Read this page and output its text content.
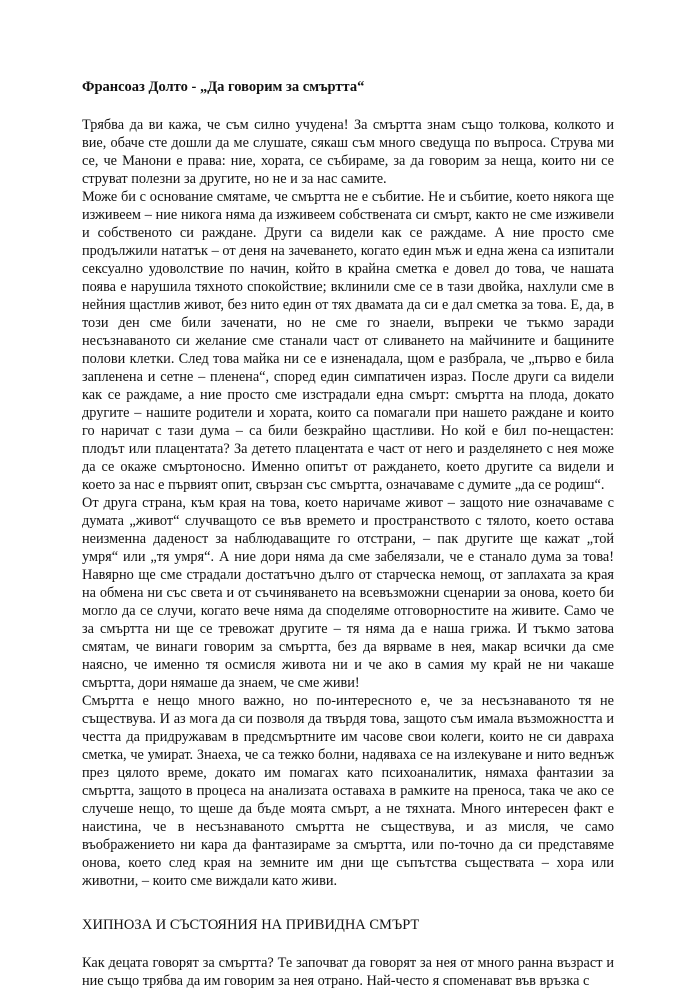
Франсоаз Долто - „Да говорим за смъртта“

Трябва да ви кажа, че съм силно учудена! За смъртта знам също толкова, колкото и вие, обаче сте дошли да ме слушате, сякаш съм много сведуща по въпроса. Струва ми се, че Манони е права: ние, хората, се събираме, за да говорим за неща, които ни се струват полезни за другите, но не и за нас самите.

Може би с основание смятаме, че смъртта не е събитие. Не и събитие, което някога ще изживеем – ние никога няма да изживеем собствената си смърт, както не сме изживели и собственото си раждане. Други са видели как се раждаме. А ние просто сме продължили нататък – от деня на зачеването, когато един мъж и една жена са изпитали сексуално удоволствие по начин, който в крайна сметка е довел до това, че нашата поява е нарушила тяхното спокойствие; вклинили сме се в тази двойка, нахлули сме в нейния щастлив живот, без нито един от тях двамата да си е дал сметка за това. Е, да, в този ден сме били заченати, но не сме го знаели, въпреки че тъкмо заради несъзнаваното си желание сме станали част от сливането на майчините и бащините полови клетки. След това майка ни се е изненадала, щом е разбрала, че „първо е била запленена и сетне – пленена“, според един симпатичен израз. После други са видели как се раждаме, а ние просто сме изстрадали една смърт: смъртта на плода, докато другите – нашите родители и хората, които са помагали при нашето раждане и които го наричат с тази дума – са били безкрайно щастливи. Но кой е бил по-нещастен: плодът или плацентата? За детето плацентата е част от него и разделянето с нея може да се окаже смъртоносно. Именно опитът от раждането, което другите са видели и което за нас е първият опит, свързан със смъртта, означаваме с думите „да се родиш“.

От друга страна, към края на това, което наричаме живот – защото ние означаваме с думата „живот“ случващото се във времето и пространството с тялото, което остава неизменна даденост за наблюдаващите го отстрани, – пак другите ще кажат „той умря“ или „тя умря“. А ние дори няма да сме забелязали, че е станало дума за това! Навярно ще сме страдали достатъчно дълго от старческа немощ, от заплахата за края на обмена ни със света и от съчиняването на всевъзможни сценарии за онова, което би могло да се случи, когато вече няма да споделяме отговорностите на живите. Само че за смъртта ни ще се тревожат другите – тя няма да е наша грижа. И тъкмо затова смятам, че винаги говорим за смъртта, без да вярваме в нея, макар всички да сме наясно, че именно тя осмисля живота ни и че ако в самия му край не ни чакаше смъртта, дори нямаше да знаем, че сме живи!

Смъртта е нещо много важно, но по-интересното е, че за несъзнаваното тя не съществува. И аз мога да си позволя да твърдя това, защото съм имала възможността и честта да придружавам в предсмъртните им часове свои колеги, които не си давраха сметка, че умират. Знаеха, че са тежко болни, надяваха се на излекуване и нито веднъж през цялото време, докато им помагах като психоаналитик, нямаха фантазии за смъртта, защото в процеса на анализата оставаха в рамките на преноса, така че ако се случеше нещо, то щеше да бъде моята смърт, а не тяхната. Много интересен факт е наистина, че в несъзнаваното смъртта не съществува, и аз мисля, че само въображението ни кара да фантазираме за смъртта, или по-точно да си представяме онова, което след края на земните им дни ще съпътства съществата – хора или животни, – които сме виждали като живи.

ХИПНОЗА И СЪСТОЯНИЯ НА ПРИВИДНА СМЪРТ

Как децата говорят за смъртта? Те започват да говорят за нея от много ранна възраст и ние също трябва да им говорим за нея отрано. Най-често я споменават във връзка с
